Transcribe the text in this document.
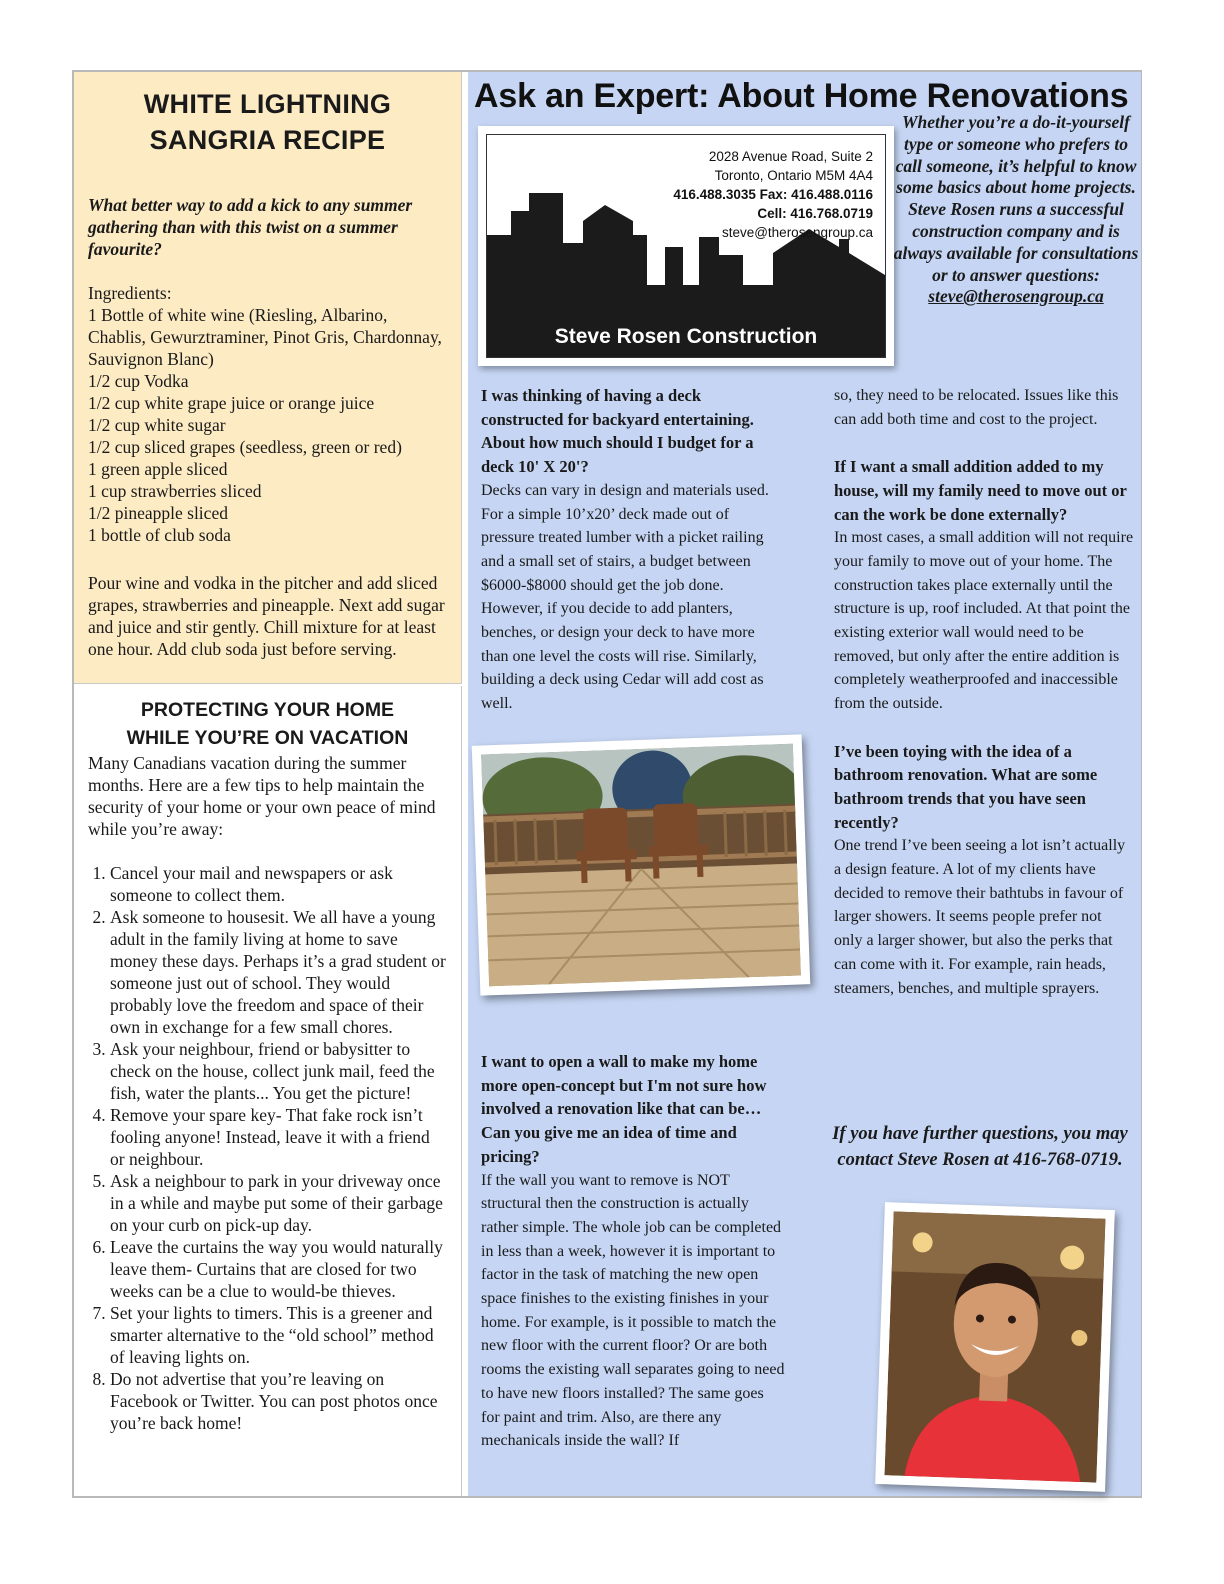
WHITE LIGHTNING
SANGRIA RECIPE

What better way to add a kick to any summer gathering than with this twist on a summer favourite?

Ingredients:
1 Bottle of white wine (Riesling, Albarino, Chablis, Gewurztraminer, Pinot Gris, Chardonnay, Sauvignon Blanc)
1/2 cup Vodka
1/2 cup white grape juice or orange juice
1/2 cup white sugar
1/2 cup sliced grapes (seedless, green or red)
1 green apple sliced
1 cup strawberries sliced
1/2 pineapple sliced
1 bottle of club soda

Pour wine and vodka in the pitcher and add sliced grapes, strawberries and pineapple. Next add sugar and juice and stir gently. Chill mixture for at least one hour. Add club soda just before serving.

PROTECTING YOUR HOME
WHILE YOU’RE ON VACATION

Many Canadians vacation during the summer months. Here are a few tips to help maintain the security of your home or your own peace of mind while you’re away:

1. Cancel your mail and newspapers or ask someone to collect them.
2. Ask someone to housesit. We all have a young adult in the family living at home to save money these days. Perhaps it’s a grad student or someone just out of school. They would probably love the freedom and space of their own in exchange for a few small chores.
3. Ask your neighbour, friend or babysitter to check on the house, collect junk mail, feed the fish, water the plants... You get the picture!
4. Remove your spare key- That fake rock isn’t fooling anyone! Instead, leave it with a friend or neighbour.
5. Ask a neighbour to park in your driveway once in a while and maybe put some of their garbage on your curb on pick-up day.
6. Leave the curtains the way you would naturally leave them- Curtains that are closed for two weeks can be a clue to would-be thieves.
7. Set your lights to timers. This is a greener and smarter alternative to the “old school” method of leaving lights on.
8. Do not advertise that you’re leaving on Facebook or Twitter. You can post photos once you’re back home!
Ask an Expert: About Home Renovations
2028 Avenue Road, Suite 2
Toronto, Ontario M5M 4A4
416.488.3035 Fax: 416.488.0116
Cell: 416.768.0719
steve@therosengroup.ca
Steve Rosen Construction
Whether you’re a do-it-yourself type or someone who prefers to call someone, it’s helpful to know some basics about home projects. Steve Rosen runs a successful construction company and is always available for consultations or to answer questions:
steve@therosengroup.ca

I was thinking of having a deck constructed for backyard entertaining. About how much should I budget for a deck 10' X 20'?

Decks can vary in design and materials used. For a simple 10’x20’ deck made out of pressure treated lumber with a picket railing and a small set of stairs, a budget between $6000-$8000 should get the job done. However, if you decide to add planters, benches, or design your deck to have more than one level the costs will rise. Similarly, building a deck using Cedar will add cost as well.

I want to open a wall to make my home more open-concept but I'm not sure how involved a renovation like that can be… Can you give me an idea of time and pricing?

If the wall you want to remove is NOT structural then the construction is actually rather simple. The whole job can be completed in less than a week, however it is important to factor in the task of matching the new open space finishes to the existing finishes in your home. For example, is it possible to match the new floor with the current floor? Or are both rooms the existing wall separates going to need to have new floors installed? The same goes for paint and trim. Also, are there any mechanicals inside the wall? If

so, they need to be relocated. Issues like this can add both time and cost to the project.

If I want a small addition added to my house, will my family need to move out or can the work be done externally?

In most cases, a small addition will not require your family to move out of your home. The construction takes place externally until the structure is up, roof included. At that point the existing exterior wall would need to be removed, but only after the entire addition is completely weatherproofed and inaccessible from the outside.

I’ve been toying with the idea of a bathroom renovation. What are some bathroom trends that you have seen recently?

One trend I’ve been seeing a lot isn’t actually a design feature. A lot of my clients have decided to remove their bathtubs in favour of larger showers. It seems people prefer not only a larger shower, but also the perks that can come with it. For example, rain heads, steamers, benches, and multiple sprayers.

If you have further questions, you may contact Steve Rosen at 416-768-0719.
